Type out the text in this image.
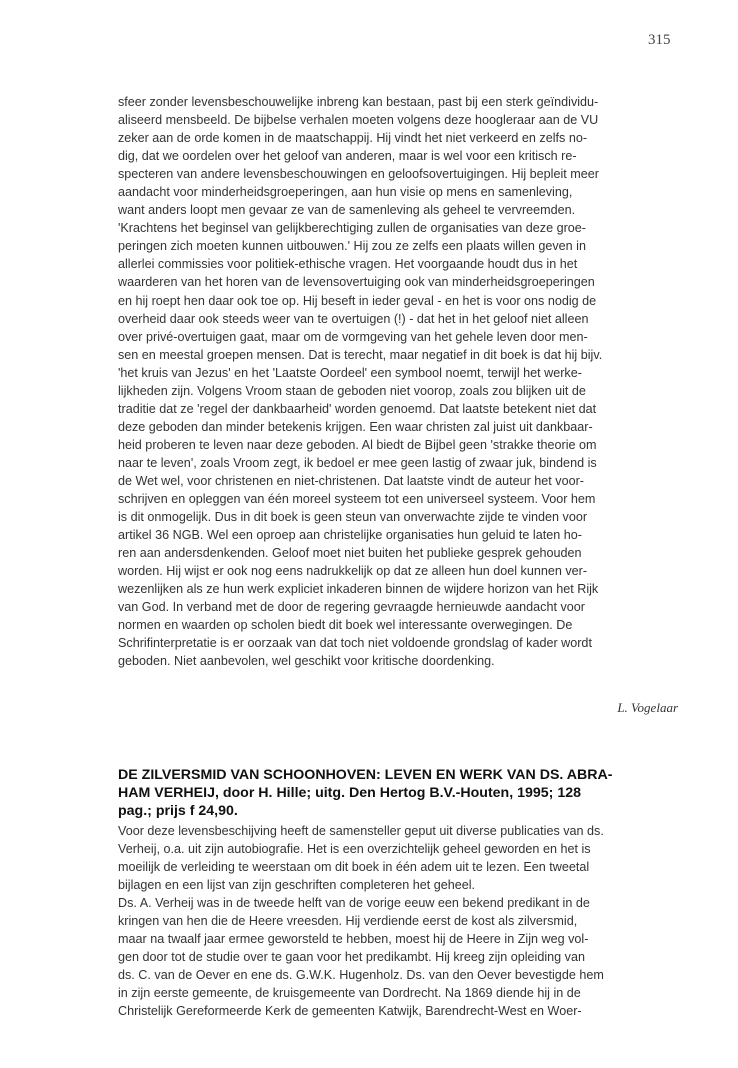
315
sfeer zonder levensbeschouwelijke inbreng kan bestaan, past bij een sterk geïndividu-
aliseerd mensbeeld. De bijbelse verhalen moeten volgens deze hoogleraar aan de VU
zeker aan de orde komen in de maatschappij. Hij vindt het niet verkeerd en zelfs no-
dig, dat we oordelen over het geloof van anderen, maar is wel voor een kritisch re-
specteren van andere levensbeschouwingen en geloofsovertuigingen. Hij bepleit meer
aandacht voor minderheidsgroeperingen, aan hun visie op mens en samenleving,
want anders loopt men gevaar ze van de samenleving als geheel te vervreemden.
'Krachtens het beginsel van gelijkberechtiging zullen de organisaties van deze groe-
peringen zich moeten kunnen uitbouwen.' Hij zou ze zelfs een plaats willen geven in
allerlei commissies voor politiek-ethische vragen. Het voorgaande houdt dus in het
waarderen van het horen van de levensovertuiging ook van minderheidsgroeperingen
en hij roept hen daar ook toe op. Hij beseft in ieder geval - en het is voor ons nodig de
overheid daar ook steeds weer van te overtuigen (!) - dat het in het geloof niet alleen
over privé-overtuigen gaat, maar om de vormgeving van het gehele leven door men-
sen en meestal groepen mensen. Dat is terecht, maar negatief in dit boek is dat hij bijv.
'het kruis van Jezus' en het 'Laatste Oordeel' een symbool noemt, terwijl het werke-
lijkheden zijn. Volgens Vroom staan de geboden niet voorop, zoals zou blijken uit de
traditie dat ze 'regel der dankbaarheid' worden genoemd. Dat laatste betekent niet dat
deze geboden dan minder betekenis krijgen. Een waar christen zal juist uit dankbaar-
heid proberen te leven naar deze geboden. Al biedt de Bijbel geen 'strakke theorie om
naar te leven', zoals Vroom zegt, ik bedoel er mee geen lastig of zwaar juk, bindend is
de Wet wel, voor christenen en niet-christenen. Dat laatste vindt de auteur het voor-
schrijven en opleggen van één moreel systeem tot een universeel systeem. Voor hem
is dit onmogelijk. Dus in dit boek is geen steun van onverwachte zijde te vinden voor
artikel 36 NGB. Wel een oproep aan christelijke organisaties hun geluid te laten ho-
ren aan andersdenkenden. Geloof moet niet buiten het publieke gesprek gehouden
worden. Hij wijst er ook nog eens nadrukkelijk op dat ze alleen hun doel kunnen ver-
wezenlijken als ze hun werk expliciet inkaderen binnen de wijdere horizon van het Rijk
van God. In verband met de door de regering gevraagde hernieuwde aandacht voor
normen en waarden op scholen biedt dit boek wel interessante overwegingen. De
Schrifinterpretatie is er oorzaak van dat toch niet voldoende grondslag of kader wordt
geboden. Niet aanbevolen, wel geschikt voor kritische doordenking.
L. Vogelaar
DE ZILVERSMID VAN SCHOONHOVEN: LEVEN EN WERK VAN DS. ABRA-
HAM VERHEIJ, door H. Hille; uitg. Den Hertog B.V.-Houten, 1995; 128
pag.; prijs f 24,90.
Voor deze levensbeschijving heeft de samensteller geput uit diverse publicaties van ds.
Verheij, o.a. uit zijn autobiografie. Het is een overzichtelijk geheel geworden en het is
moeilijk de verleiding te weerstaan om dit boek in één adem uit te lezen. Een tweetal
bijlagen en een lijst van zijn geschriften completeren het geheel.
Ds. A. Verheij was in de tweede helft van de vorige eeuw een bekend predikant in de
kringen van hen die de Heere vreesden. Hij verdiende eerst de kost als zilversmid,
maar na twaalf jaar ermee geworsteld te hebben, moest hij de Heere in Zijn weg vol-
gen door tot de studie over te gaan voor het predikambt. Hij kreeg zijn opleiding van
ds. C. van de Oever en ene ds. G.W.K. Hugenholz. Ds. van den Oever bevestigde hem
in zijn eerste gemeente, de kruisgemeente van Dordrecht. Na 1869 diende hij in de
Christelijk Gereformeerde Kerk de gemeenten Katwijk, Barendrecht-West en Woer-
